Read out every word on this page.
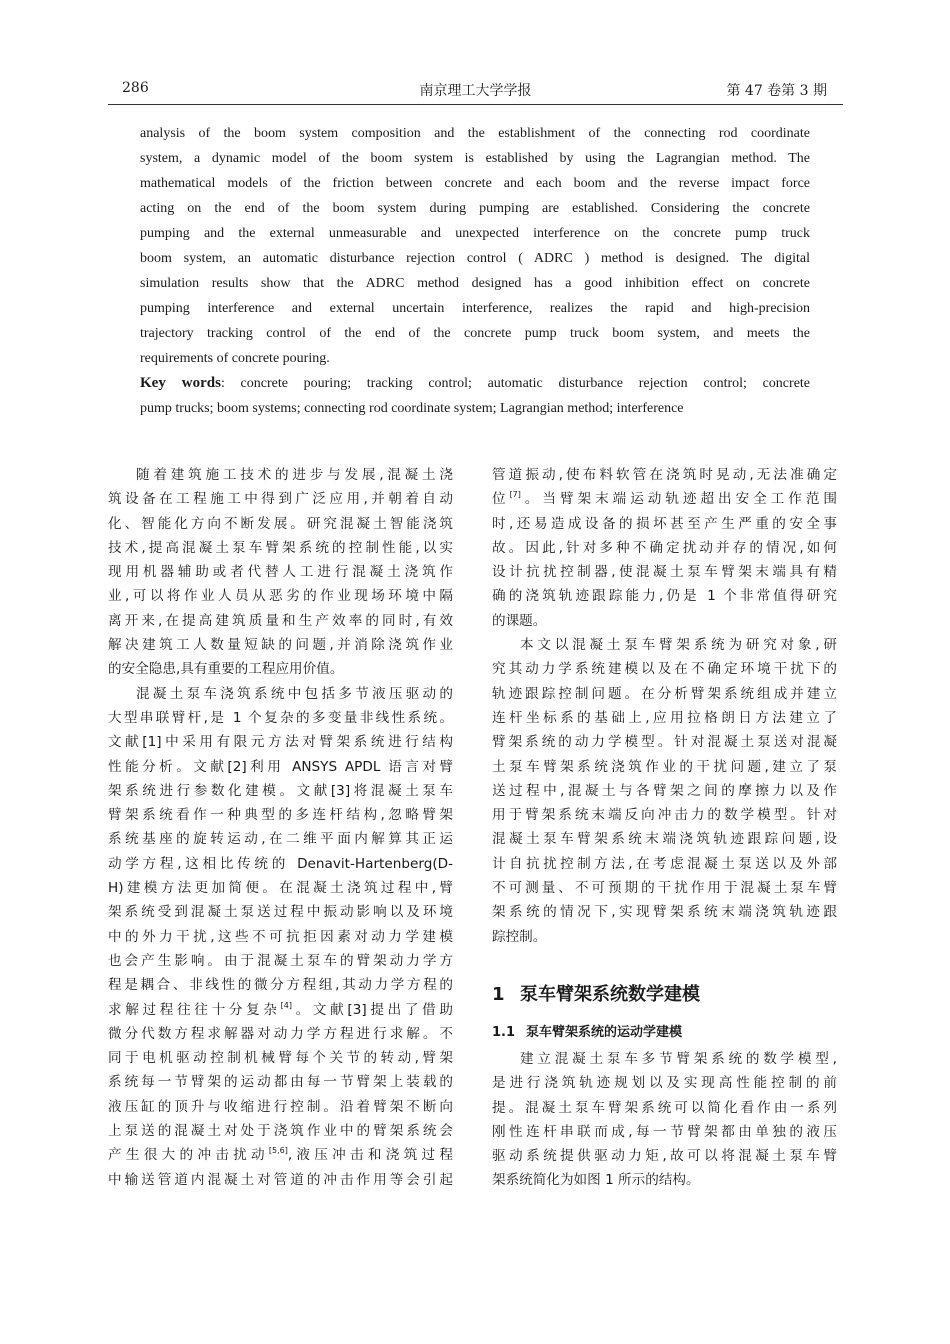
286	南京理工大学学报	第 47 卷第 3 期
analysis of the boom system composition and the establishment of the connecting rod coordinate
system, a dynamic model of the boom system is established by using the Lagrangian method. The
mathematical models of the friction between concrete and each boom and the reverse impact force
acting on the end of the boom system during pumping are established. Considering the concrete
pumping and the external unmeasurable and unexpected interference on the concrete pump truck
boom system, an automatic disturbance rejection control ( ADRC ) method is designed. The digital
simulation results show that the ADRC method designed has a good inhibition effect on concrete
pumping interference and external uncertain interference, realizes the rapid and high-precision
trajectory tracking control of the end of the concrete pump truck boom system, and meets the
requirements of concrete pouring.
Key words: concrete pouring; tracking control; automatic disturbance rejection control; concrete
pump trucks; boom systems; connecting rod coordinate system; Lagrangian method; interference
随着建筑施工技术的进步与发展,混凝土浇
筑设备在工程施工中得到广泛应用,并朝着自动
化、智能化方向不断发展。研究混凝土智能浇筑
技术,提高混凝土泵车臂架系统的控制性能,以实
现用机器辅助或者代替人工进行混凝土浇筑作
业,可以将作业人员从恶劣的作业现场环境中隔
离开来,在提高建筑质量和生产效率的同时,有效
解决建筑工人数量短缺的问题,并消除浇筑作业
的安全隐患,具有重要的工程应用价值。
混凝土泵车浇筑系统中包括多节液压驱动的
大型串联臂杆,是 1 个复杂的多变量非线性系统。
文献[1]中采用有限元方法对臂架系统进行结构
性能分析。文献[2]利用 ANSYS APDL 语言对臂
架系统进行参数化建模。文献[3]将混凝土泵车
臂架系统看作一种典型的多连杆结构,忽略臂架
系统基座的旋转运动,在二维平面内解算其正运
动学方程,这相比传统的 Denavit-Hartenberg(D-
H)建模方法更加简便。在混凝土浇筑过程中,臂
架系统受到混凝土泵送过程中振动影响以及环境
中的外力干扰,这些不可抗拒因素对动力学建模
也会产生影响。由于混凝土泵车的臂架动力学方
程是耦合、非线性的微分方程组,其动力学方程的
求解过程往往十分复杂[4]。文献[3]提出了借助
微分代数方程求解器对动力学方程进行求解。不
同于电机驱动控制机械臂每个关节的转动,臂架
系统每一节臂架的运动都由每一节臂架上装载的
液压缸的顶升与收缩进行控制。沿着臂架不断向
上泵送的混凝土对处于浇筑作业中的臂架系统会
产生很大的冲击扰动[5,6],液压冲击和浇筑过程
中输送管道内混凝土对管道的冲击作用等会引起
管道振动,使布料软管在浇筑时晃动,无法准确定
位[7]。当臂架末端运动轨迹超出安全工作范围
时,还易造成设备的损坏甚至产生严重的安全事
故。因此,针对多种不确定扰动并存的情况,如何
设计抗扰控制器,使混凝土泵车臂架末端具有精
确的浇筑轨迹跟踪能力,仍是 1 个非常值得研究
的课题。
本文以混凝土泵车臂架系统为研究对象,研
究其动力学系统建模以及在不确定环境干扰下的
轨迹跟踪控制问题。在分析臂架系统组成并建立
连杆坐标系的基础上,应用拉格朗日方法建立了
臂架系统的动力学模型。针对混凝土泵送对混凝
土泵车臂架系统浇筑作业的干扰问题,建立了泵
送过程中,混凝土与各臂架之间的摩擦力以及作
用于臂架系统末端反向冲击力的数学模型。针对
混凝土泵车臂架系统末端浇筑轨迹跟踪问题,设
计自抗扰控制方法,在考虑混凝土泵送以及外部
不可测量、不可预期的干扰作用于混凝土泵车臂
架系统的情况下,实现臂架系统末端浇筑轨迹跟
踪控制。
1 泵车臂架系统数学建模
1.1 泵车臂架系统的运动学建模
建立混凝土泵车多节臂架系统的数学模型,
是进行浇筑轨迹规划以及实现高性能控制的前
提。混凝土泵车臂架系统可以简化看作由一系列
刚性连杆串联而成,每一节臂架都由单独的液压
驱动系统提供驱动力矩,故可以将混凝土泵车臂
架系统简化为如图 1 所示的结构。
